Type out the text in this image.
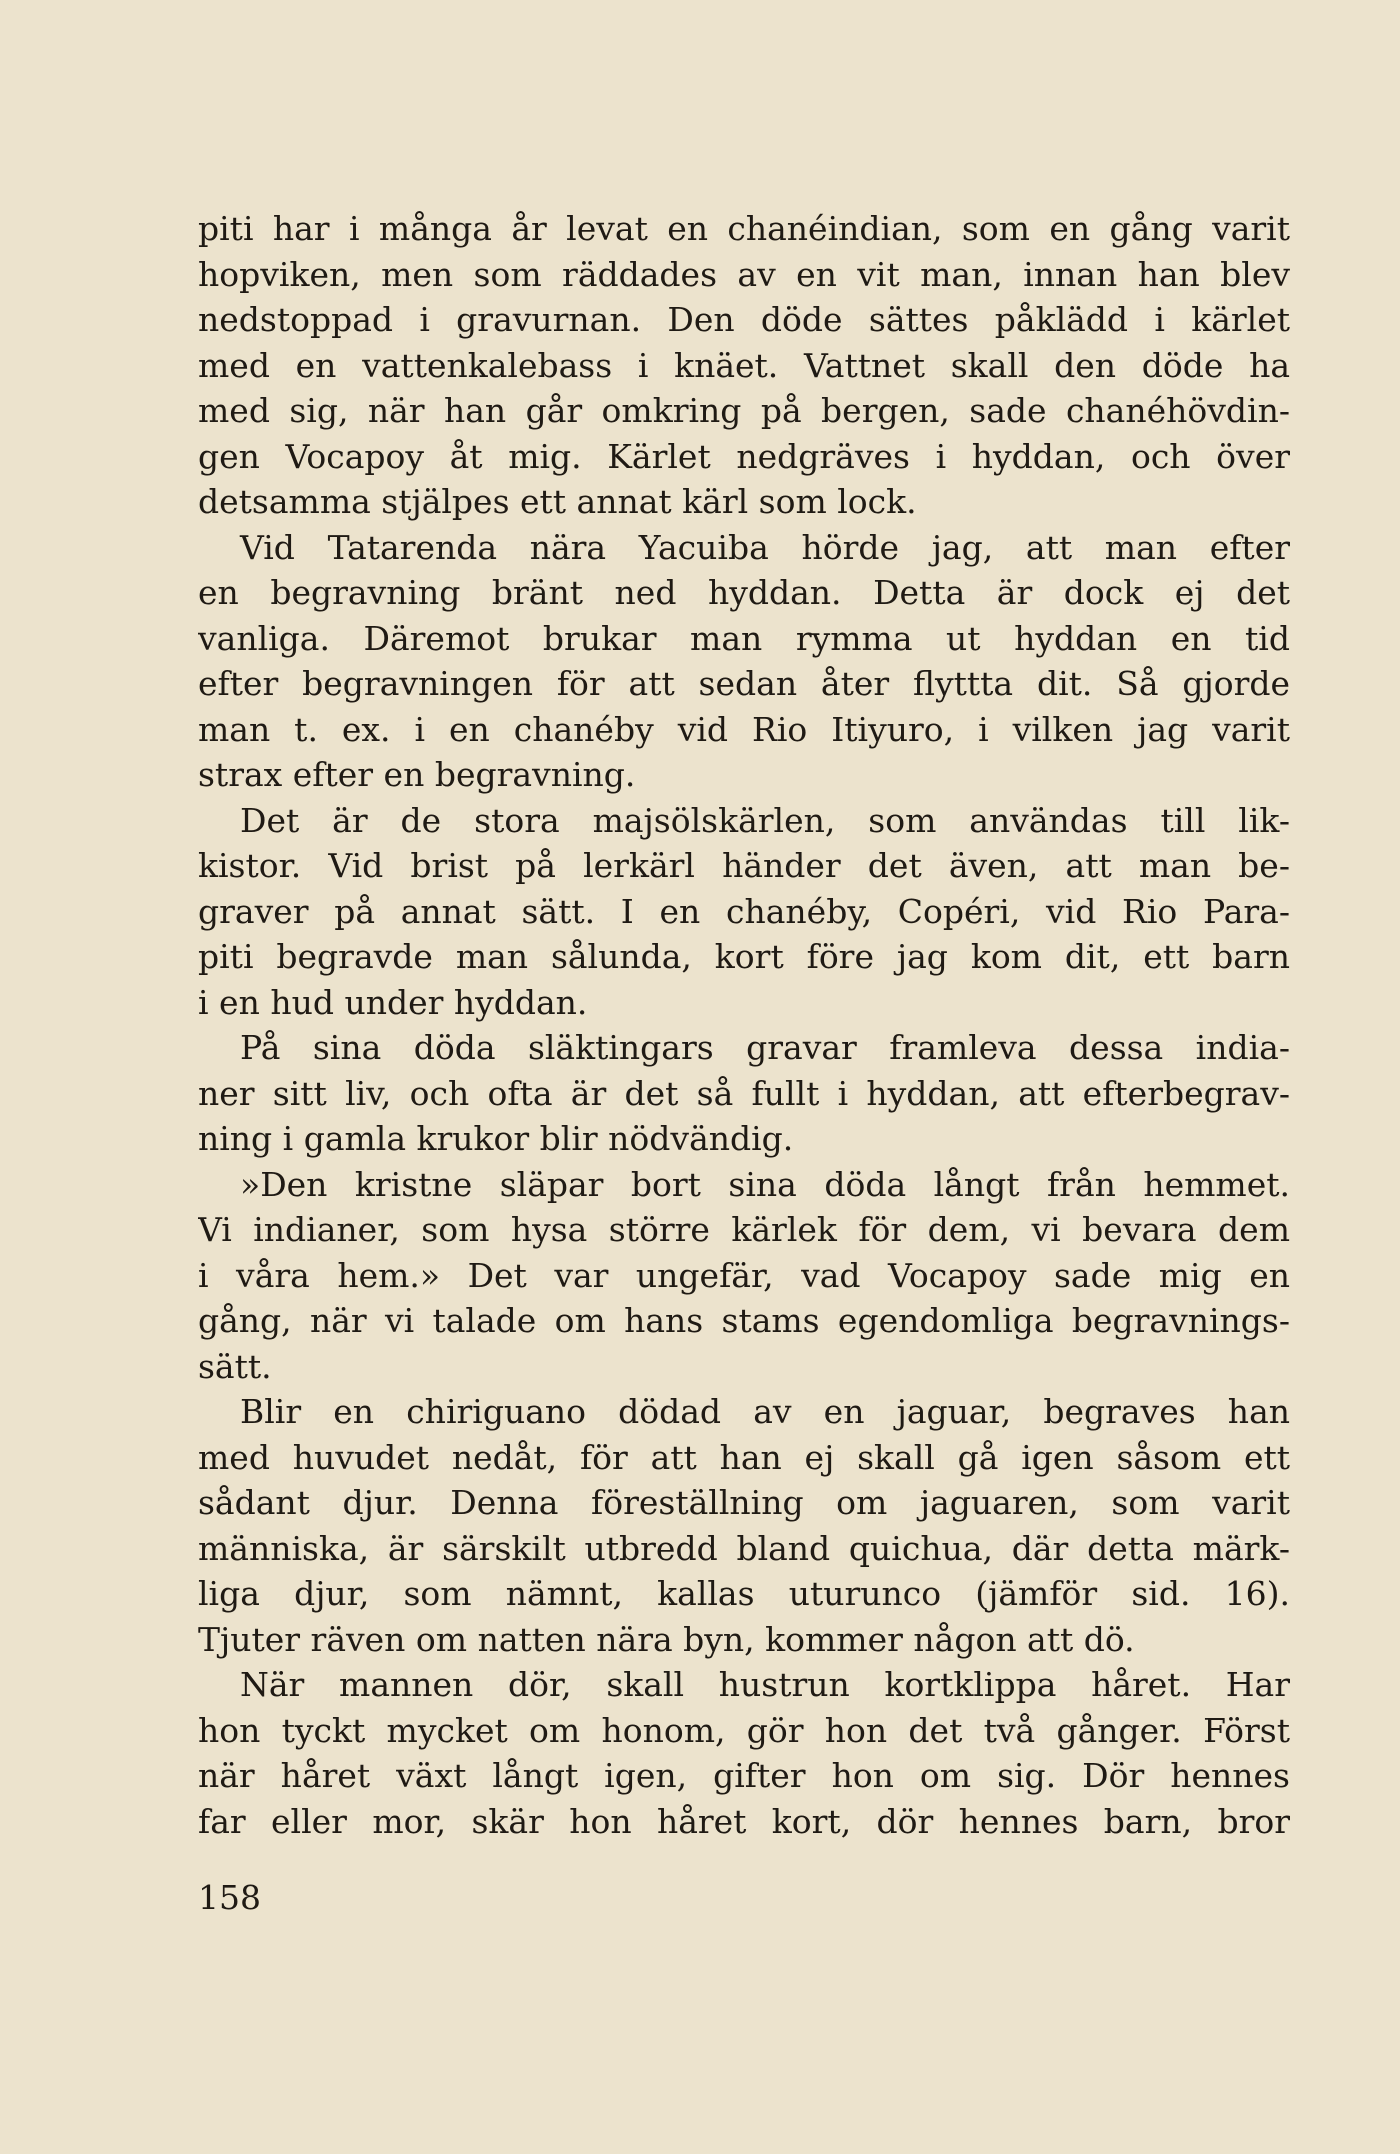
piti har i många år levat en chanéindian, som en gång varit
hopviken, men som räddades av en vit man, innan han blev
nedstoppad i gravurnan. Den döde sättes påklädd i kärlet
med en vattenkalebass i knäet. Vattnet skall den döde ha
med sig, när han går omkring på bergen, sade chanéhövdin-
gen Vocapoy åt mig. Kärlet nedgräves i hyddan, och över
detsamma stjälpes ett annat kärl som lock.
Vid Tatarenda nära Yacuiba hörde jag, att man efter
en begravning bränt ned hyddan. Detta är dock ej det
vanliga. Däremot brukar man rymma ut hyddan en tid
efter begravningen för att sedan åter flyttta dit. Så gjorde
man t. ex. i en chanéby vid Rio Itiyuro, i vilken jag varit
strax efter en begravning.
Det är de stora majsölskärlen, som användas till lik-
kistor. Vid brist på lerkärl händer det även, att man be-
graver på annat sätt. I en chanéby, Copéri, vid Rio Para-
piti begravde man sålunda, kort före jag kom dit, ett barn
i en hud under hyddan.
På sina döda släktingars gravar framleva dessa india-
ner sitt liv, och ofta är det så fullt i hyddan, att efterbegrav-
ning i gamla krukor blir nödvändig.
»Den kristne släpar bort sina döda långt från hemmet.
Vi indianer, som hysa större kärlek för dem, vi bevara dem
i våra hem.» Det var ungefär, vad Vocapoy sade mig en
gång, när vi talade om hans stams egendomliga begravnings-
sätt.
Blir en chiriguano dödad av en jaguar, begraves han
med huvudet nedåt, för att han ej skall gå igen såsom ett
sådant djur. Denna föreställning om jaguaren, som varit
människa, är särskilt utbredd bland quichua, där detta märk-
liga djur, som nämnt, kallas uturunco (jämför sid. 16).
Tjuter räven om natten nära byn, kommer någon att dö.
När mannen dör, skall hustrun kortklippa håret. Har
hon tyckt mycket om honom, gör hon det två gånger. Först
när håret växt långt igen, gifter hon om sig. Dör hennes
far eller mor, skär hon håret kort, dör hennes barn, bror
158
